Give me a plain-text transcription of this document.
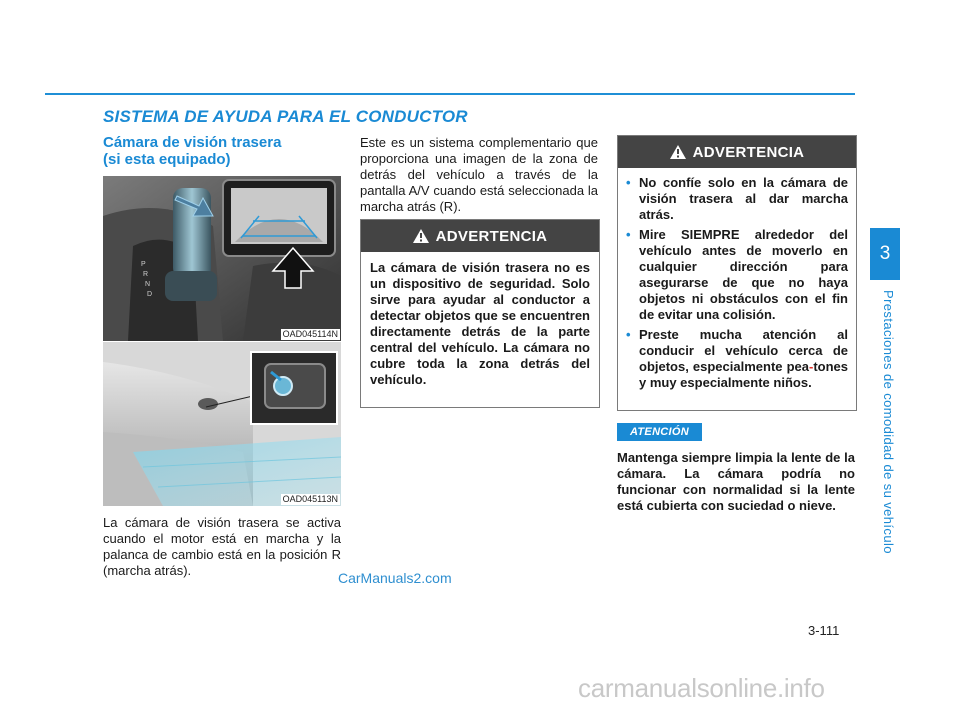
SISTEMA DE AYUDA PARA EL CONDUCTOR
Cámara de visión trasera
(si esta equipado)
P
R
N
D
OAD045114N
OAD045113N
La cámara de visión trasera se activa cuando el motor está en marcha y la palanca de cambio está en la posición R (marcha atrás).
Este es un sistema complementario que proporciona una imagen de la zona de detrás del vehículo a través de la pantalla A/V cuando está seleccionada la marcha atrás (R).
ADVERTENCIA
La cámara de visión trasera no es un dispositivo de seguridad. Solo sirve para ayudar al conductor a detectar objetos que se encuentren directamente detrás de la parte central del vehículo. La cámara no cubre toda la zona detrás del vehículo.
ADVERTENCIA
• No confíe solo en la cámara de visión trasera al dar marcha atrás.
• Mire SIEMPRE alrededor del vehículo antes de moverlo en cualquier dirección para asegurarse de que no haya objetos ni obstáculos con el fin de evitar una colisión.
• Preste mucha atención al conducir el vehículo cerca de objetos, especialmente pea-tones y muy especialmente niños.
ATENCIÓN
Mantenga siempre limpia la lente de la cámara. La cámara podría no funcionar con normalidad si la lente está cubierta con suciedad o nieve.
CarManuals2.com
3-111
3
Prestaciones de comodidad de su vehículo
carmanualsonline.info
